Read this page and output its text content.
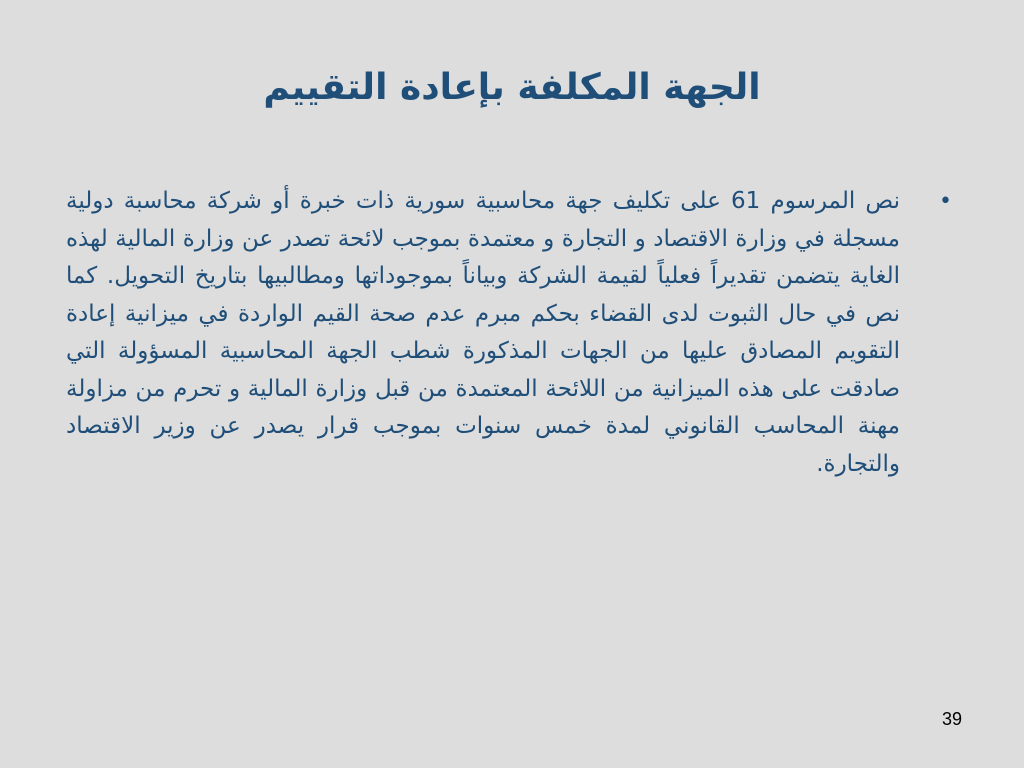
الجهة المكلفة بإعادة التقييم
•
نص المرسوم 61 على تكليف جهة محاسبية سورية ذات خبرة أو شركة محاسبة دولية مسجلة في وزارة الاقتصاد و التجارة و معتمدة بموجب لائحة تصدر عن وزارة المالية لهذه الغاية يتضمن تقديراً فعلياً لقيمة الشركة وبياناً بموجوداتها ومطالبيها بتاريخ التحويل. كما نص في حال الثبوت لدى القضاء بحكم مبرم عدم صحة القيم الواردة في ميزانية إعادة التقويم المصادق عليها من الجهات المذكورة شطب الجهة المحاسبية المسؤولة التي صادقت على هذه الميزانية من اللائحة المعتمدة من قبل وزارة المالية و تحرم من مزاولة مهنة المحاسب القانوني لمدة خمس سنوات بموجب قرار يصدر عن وزير الاقتصاد والتجارة.
39
